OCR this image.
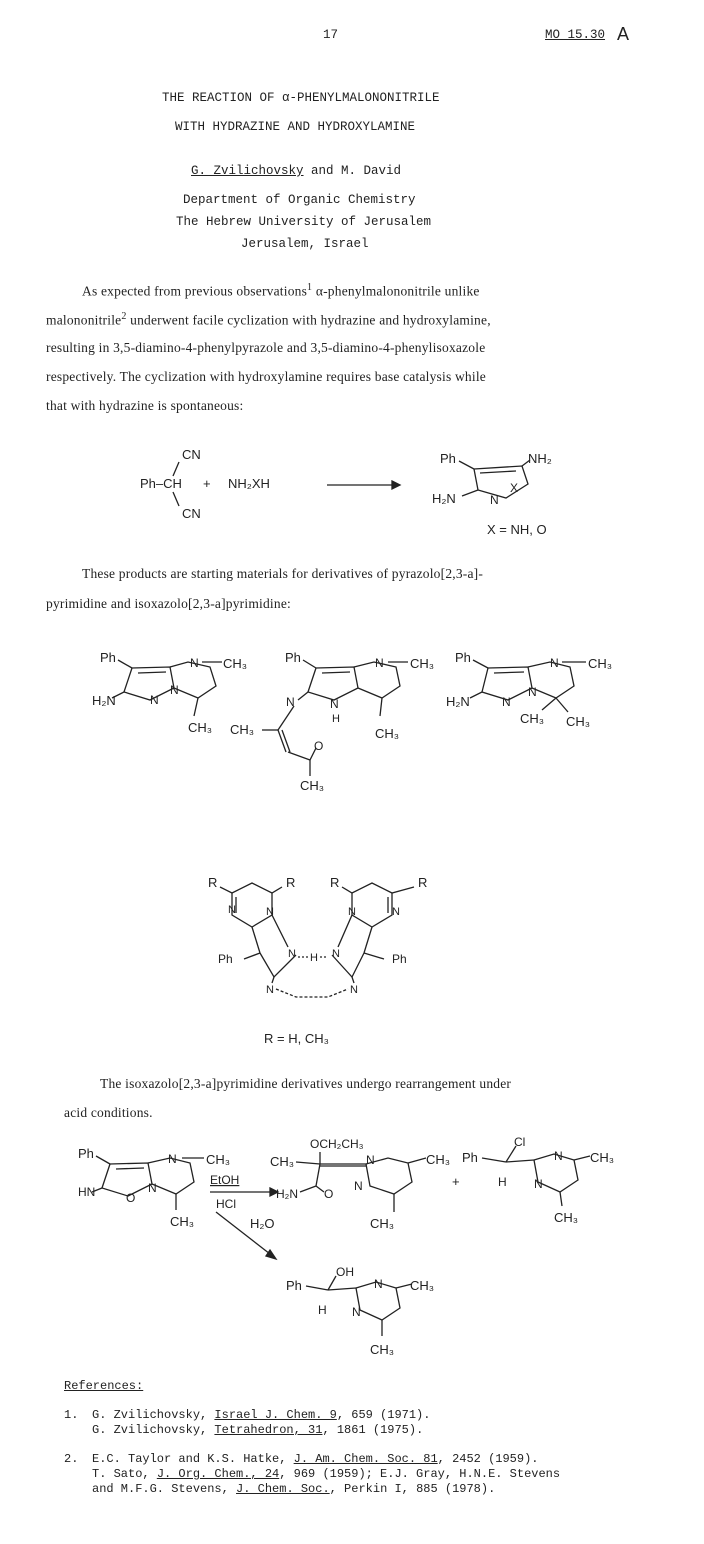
17	MO 15.30 A
THE REACTION OF α-PHENYLMALONONITRILE
WITH HYDRAZINE AND HYDROXYLAMINE
G. Zvilichovsky and M. David
Department of Organic Chemistry
The Hebrew University of Jerusalem
Jerusalem, Israel
As expected from previous observations$^1$ α-phenylmalononitrile unlike
malononitrile$^2$ underwent facile cyclization with hydrazine and hydroxylamine,
resulting in 3,5-diamino-4-phenylpyrazole and 3,5-diamino-4-phenylisoxazole
respectively. The cyclization with hydroxylamine requires base catalysis while
that with hydrazine is spontaneous:
CN
Ph–CH
CN
+ NH₂XH
Ph	NH₂
H₂N	N
X
X = NH, O
These products are starting materials for derivatives of pyrazolo[2,3-a]-
pyrimidine and isoxazolo[2,3-a]pyrimidine:
Ph	N CH₃
CH₃
H₂N	N
N
Ph	N CH₃
CH₃
N
H
N
CH₃
O
CH₃
Ph	N CH₃
CH₃
CH₃
H₂N	N
N
R	R	R	R
N	N
Ph	N H
N	N
Ph
N
N	N
R = H, CH₃
The isoxazolo[2,3-a]pyrimidine derivatives undergo rearrangement under
acid conditions.
Ph	N CH₃
CH₃
HN	O
N
EtOH
HCl
OCH₂CH₃
CH₃	N
N
CH₃
CH₃
H₂N O
+
Ph
Cl
H
N
N
CH₃
CH₃
H₂O
Ph
OH
H
N
N
CH₃
CH₃
References:
1. G. Zvilichovsky, Israel J. Chem. 9, 659 (1971).
G. Zvilichovsky, Tetrahedron, 31, 1861 (1975).
2. E.C. Taylor and K.S. Hatke, J. Am. Chem. Soc. 81, 2452 (1959).
T. Sato, J. Org. Chem., 24, 969 (1959); E.J. Gray, H.N.E. Stevens
and M.F.G. Stevens, J. Chem. Soc., Perkin I, 885 (1978).
